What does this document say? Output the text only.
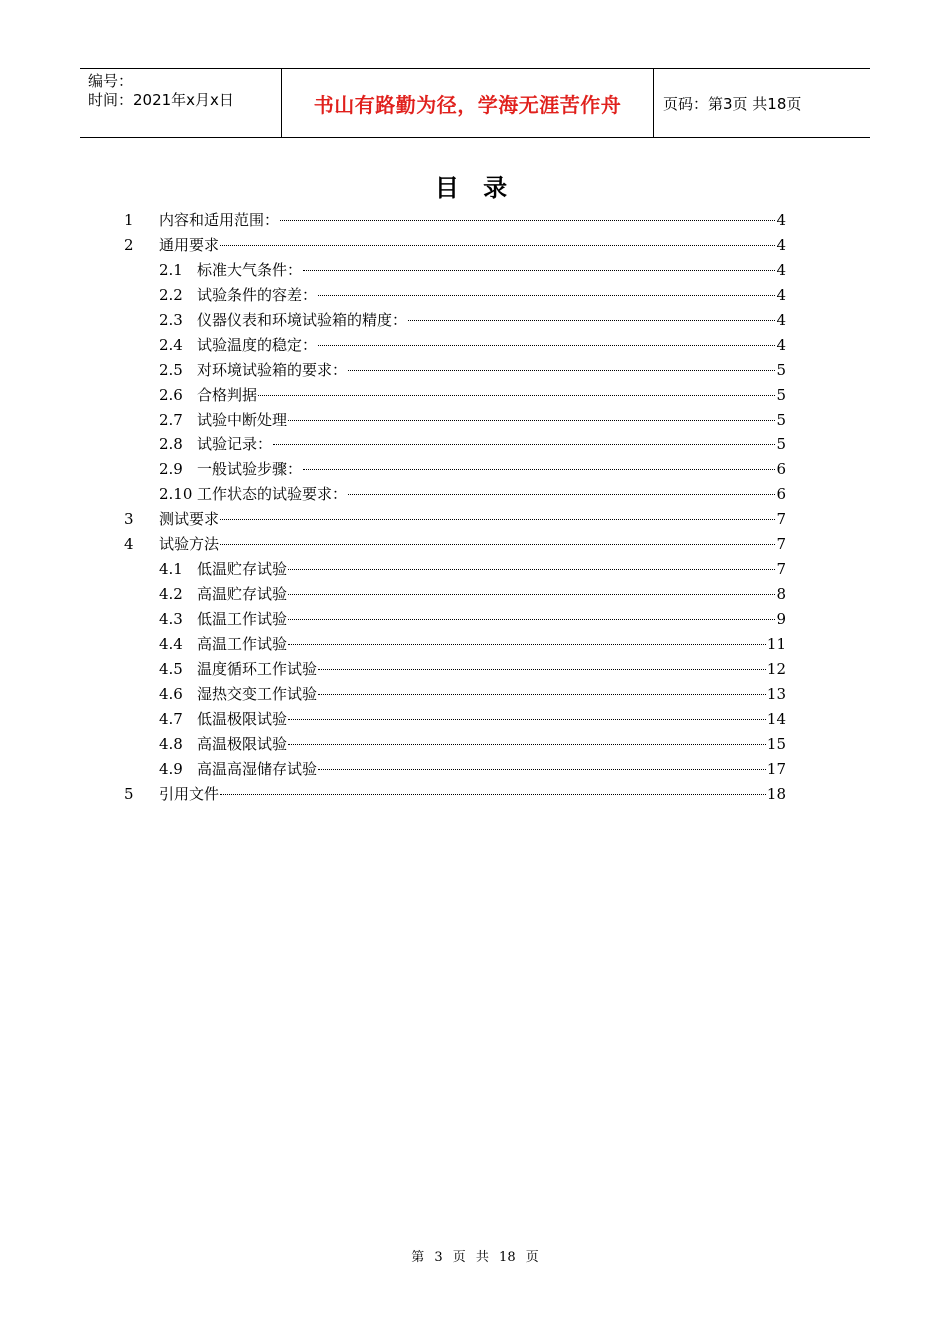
编号：
时间：2021年x月x日	书山有路勤为径，学海无涯苦作舟	页码：第3页 共18页
目 录
1 内容和适用范围：	4
2 通用要求	4
2.1 标准大气条件：	4
2.2 试验条件的容差：	4
2.3 仪器仪表和环境试验箱的精度：	4
2.4 试验温度的稳定：	4
2.5 对环境试验箱的要求：	5
2.6 合格判据	5
2.7 试验中断处理	5
2.8 试验记录：	5
2.9 一般试验步骤：	6
2.10 工作状态的试验要求：	6
3 测试要求	7
4 试验方法	7
4.1 低温贮存试验	7
4.2 高温贮存试验	8
4.3 低温工作试验	9
4.4 高温工作试验	11
4.5 温度循环工作试验	12
4.6 湿热交变工作试验	13
4.7 低温极限试验	14
4.8 高温极限试验	15
4.9 高温高湿储存试验	17
5 引用文件	18
第 3 页 共 18 页
